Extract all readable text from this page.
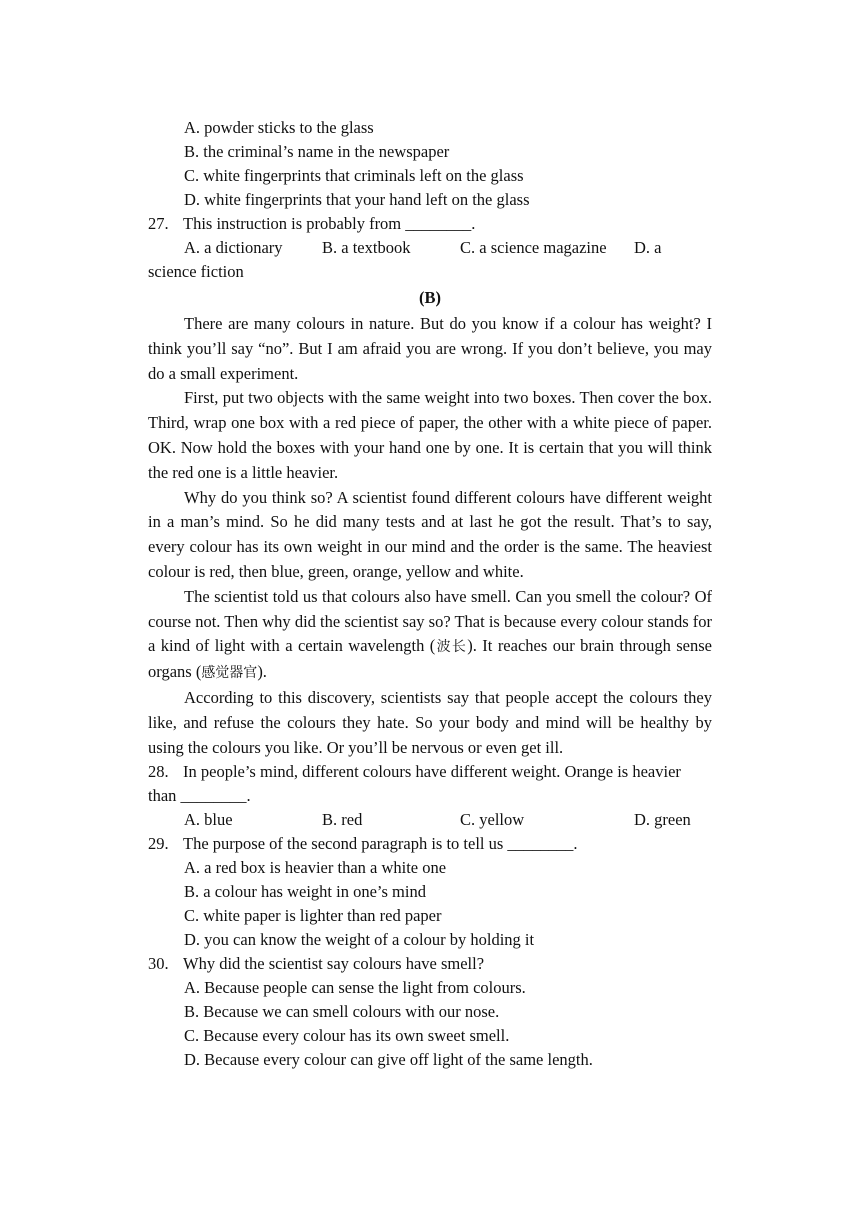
A. powder sticks to the glass
B. the criminal’s name in the newspaper
C. white fingerprints that criminals left on the glass
D. white fingerprints that your hand left on the glass
27. This instruction is probably from ________.
A. a dictionary	B. a textbook	C. a science magazine	D. a
science fiction
(B)

There are many colours in nature. But do you know if a colour has weight? I think you’ll say “no”. But I am afraid you are wrong. If you don’t believe, you may do a small experiment.

First, put two objects with the same weight into two boxes. Then cover the box. Third, wrap one box with a red piece of paper, the other with a white piece of paper. OK. Now hold the boxes with your hand one by one. It is certain that you will think the red one is a little heavier.

Why do you think so? A scientist found different colours have different weight in a man’s mind. So he did many tests and at last he got the result. That’s to say, every colour has its own weight in our mind and the order is the same. The heaviest colour is red, then blue, green, orange, yellow and white.

The scientist told us that colours also have smell. Can you smell the colour? Of course not. Then why did the scientist say so? That is because every colour stands for a kind of light with a certain wavelength (波长). It reaches our brain through sense organs (感觉器官).

According to this discovery, scientists say that people accept the colours they like, and refuse the colours they hate. So your body and mind will be healthy by using the colours you like. Or you’ll be nervous or even get ill.

28. In people’s mind, different colours have different weight. Orange is heavier
than ________.
A. blue	B. red	C. yellow	D. green
29. The purpose of the second paragraph is to tell us ________.
A. a red box is heavier than a white one
B. a colour has weight in one’s mind
C. white paper is lighter than red paper
D. you can know the weight of a colour by holding it
30. Why did the scientist say colours have smell?
A. Because people can sense the light from colours.
B. Because we can smell colours with our nose.
C. Because every colour has its own sweet smell.
D. Because every colour can give off light of the same length.
